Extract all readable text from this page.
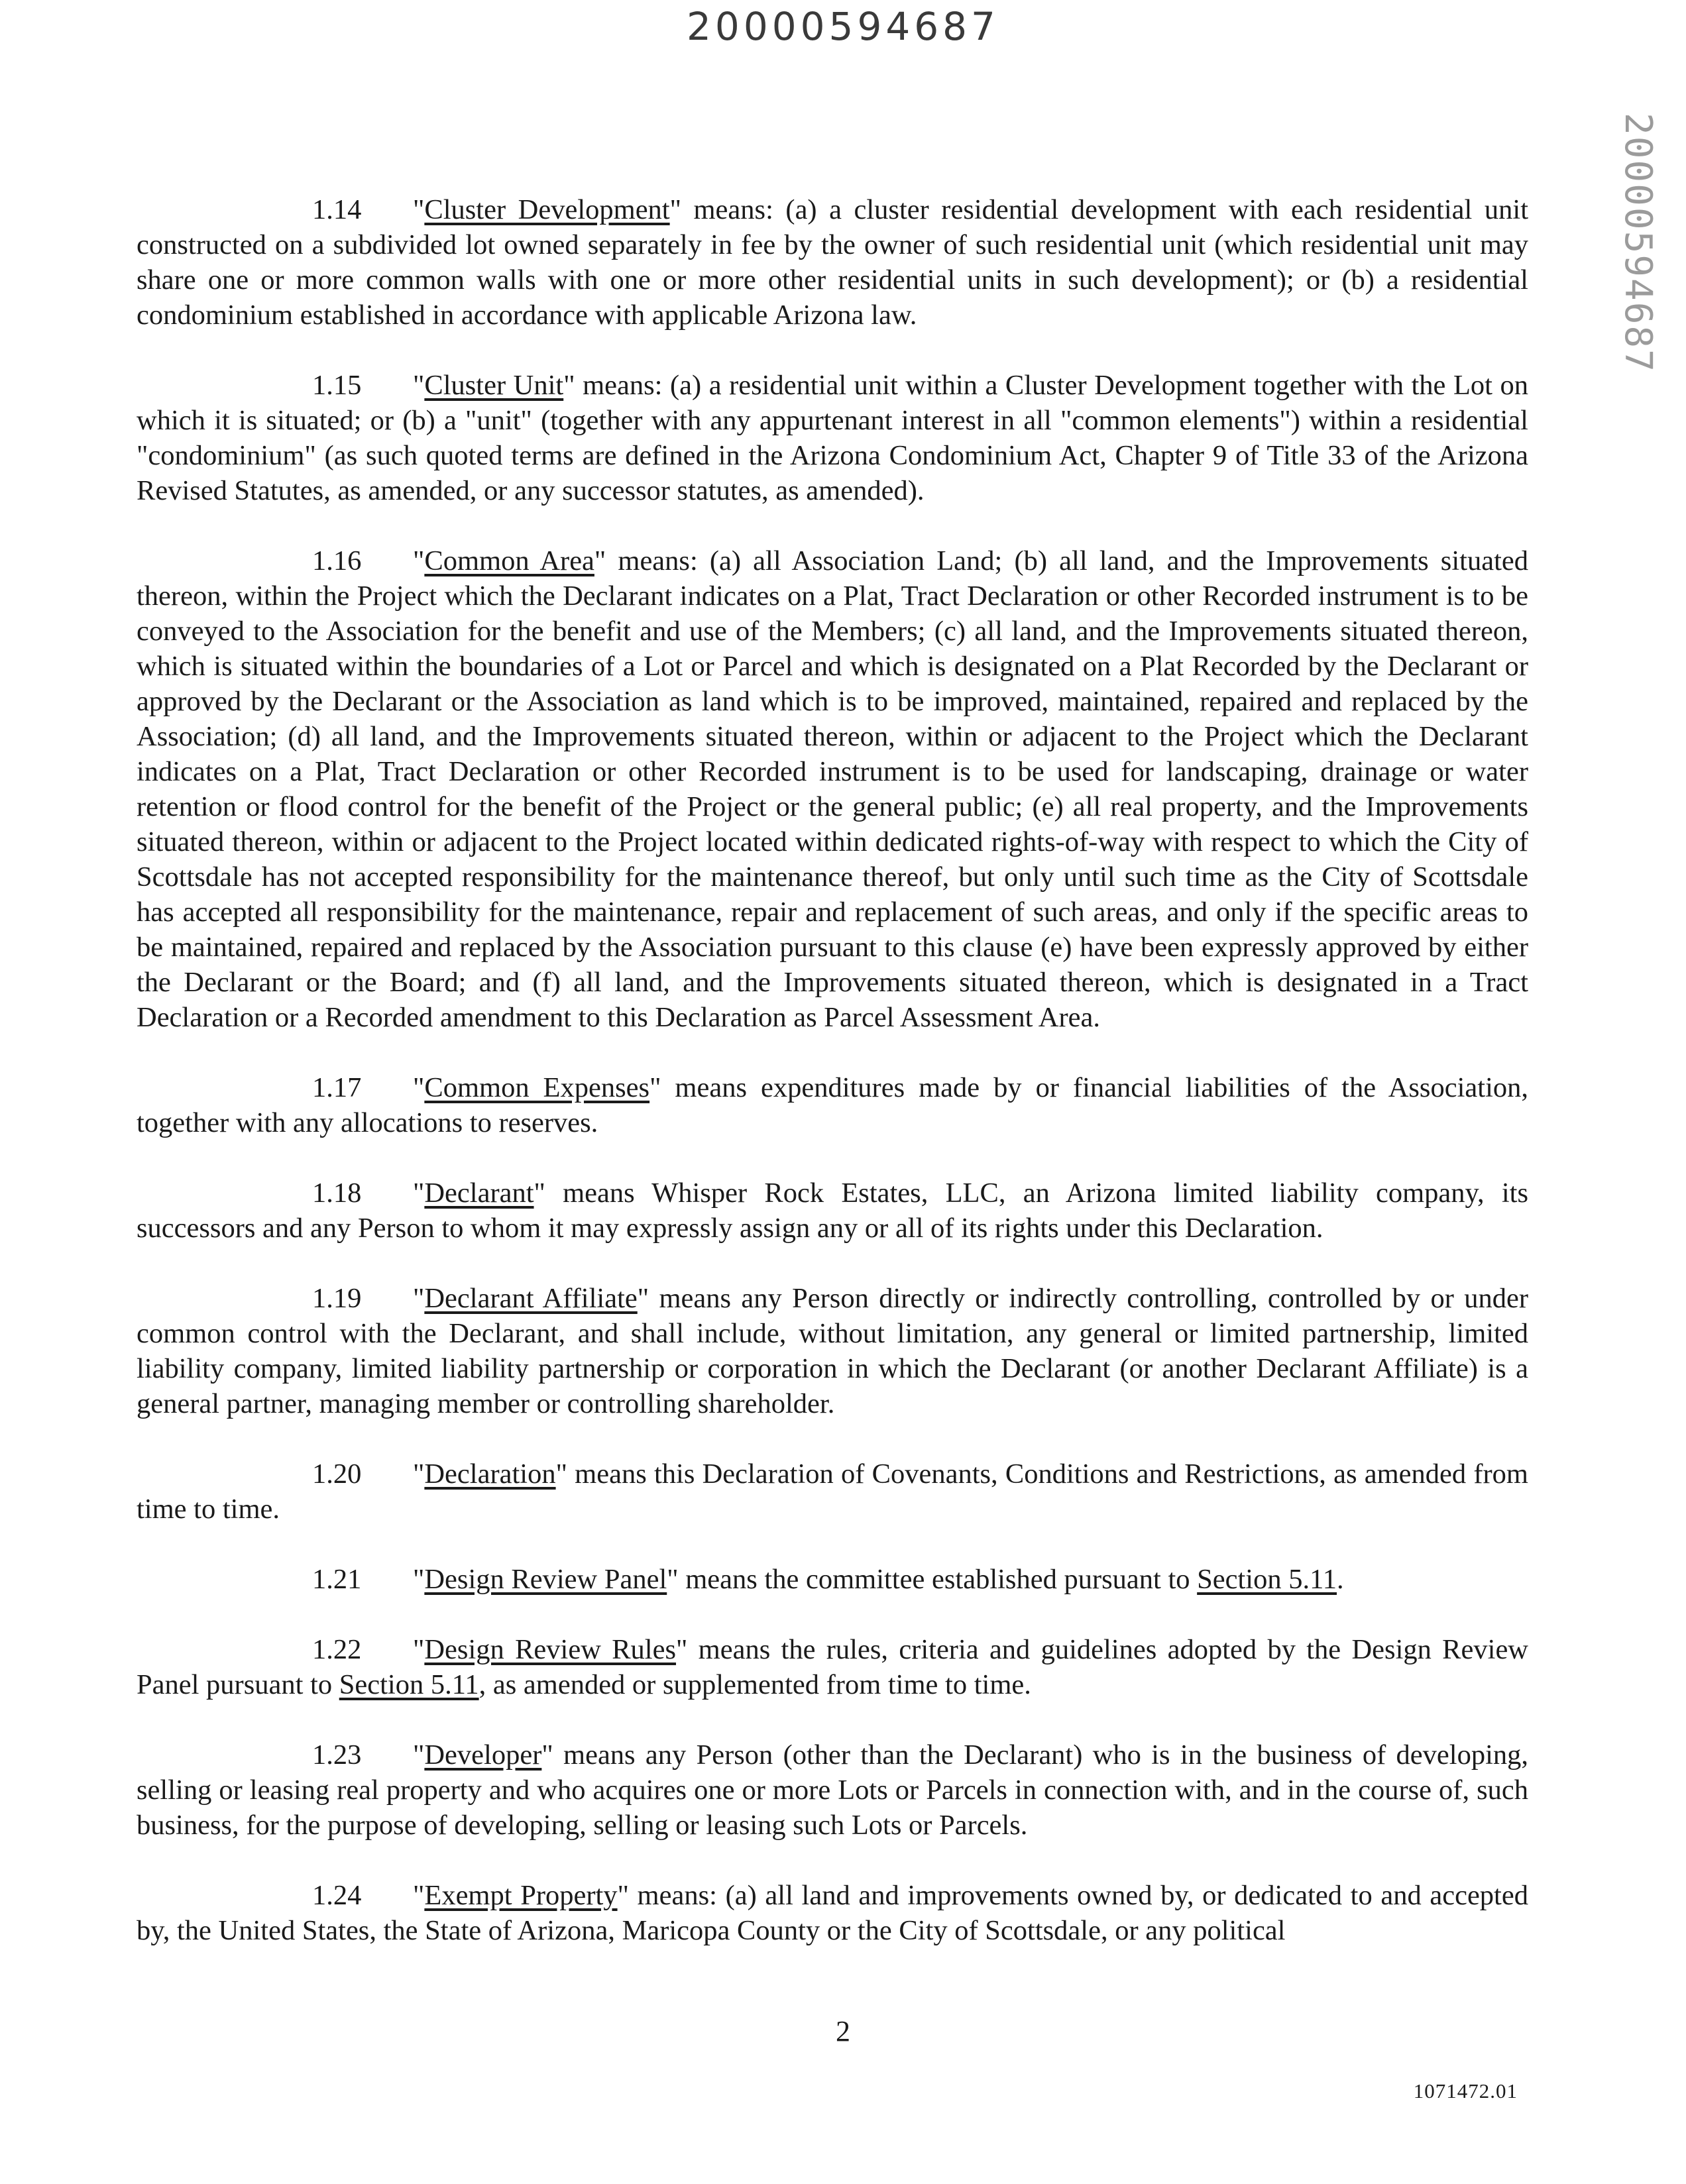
20000594687
20000594687

1.14 "Cluster Development" means: (a) a cluster residential development with each residential unit constructed on a subdivided lot owned separately in fee by the owner of such residential unit (which residential unit may share one or more common walls with one or more other residential units in such development); or (b) a residential condominium established in accordance with applicable Arizona law.

1.15 "Cluster Unit" means: (a) a residential unit within a Cluster Development together with the Lot on which it is situated; or (b) a "unit" (together with any appurtenant interest in all "common elements") within a residential "condominium" (as such quoted terms are defined in the Arizona Condominium Act, Chapter 9 of Title 33 of the Arizona Revised Statutes, as amended, or any successor statutes, as amended).

1.16 "Common Area" means: (a) all Association Land; (b) all land, and the Improvements situated thereon, within the Project which the Declarant indicates on a Plat, Tract Declaration or other Recorded instrument is to be conveyed to the Association for the benefit and use of the Members; (c) all land, and the Improvements situated thereon, which is situated within the boundaries of a Lot or Parcel and which is designated on a Plat Recorded by the Declarant or approved by the Declarant or the Association as land which is to be improved, maintained, repaired and replaced by the Association; (d) all land, and the Improvements situated thereon, within or adjacent to the Project which the Declarant indicates on a Plat, Tract Declaration or other Recorded instrument is to be used for landscaping, drainage or water retention or flood control for the benefit of the Project or the general public; (e) all real property, and the Improvements situated thereon, within or adjacent to the Project located within dedicated rights-of-way with respect to which the City of Scottsdale has not accepted responsibility for the maintenance thereof, but only until such time as the City of Scottsdale has accepted all responsibility for the maintenance, repair and replacement of such areas, and only if the specific areas to be maintained, repaired and replaced by the Association pursuant to this clause (e) have been expressly approved by either the Declarant or the Board; and (f) all land, and the Improvements situated thereon, which is designated in a Tract Declaration or a Recorded amendment to this Declaration as Parcel Assessment Area.

1.17 "Common Expenses" means expenditures made by or financial liabilities of the Association, together with any allocations to reserves.

1.18 "Declarant" means Whisper Rock Estates, LLC, an Arizona limited liability company, its successors and any Person to whom it may expressly assign any or all of its rights under this Declaration.

1.19 "Declarant Affiliate" means any Person directly or indirectly controlling, controlled by or under common control with the Declarant, and shall include, without limitation, any general or limited partnership, limited liability company, limited liability partnership or corporation in which the Declarant (or another Declarant Affiliate) is a general partner, managing member or controlling shareholder.

1.20 "Declaration" means this Declaration of Covenants, Conditions and Restrictions, as amended from time to time.

1.21 "Design Review Panel" means the committee established pursuant to Section 5.11.

1.22 "Design Review Rules" means the rules, criteria and guidelines adopted by the Design Review Panel pursuant to Section 5.11, as amended or supplemented from time to time.

1.23 "Developer" means any Person (other than the Declarant) who is in the business of developing, selling or leasing real property and who acquires one or more Lots or Parcels in connection with, and in the course of, such business, for the purpose of developing, selling or leasing such Lots or Parcels.

1.24 "Exempt Property" means: (a) all land and improvements owned by, or dedicated to and accepted by, the United States, the State of Arizona, Maricopa County or the City of Scottsdale, or any political

2
1071472.01
